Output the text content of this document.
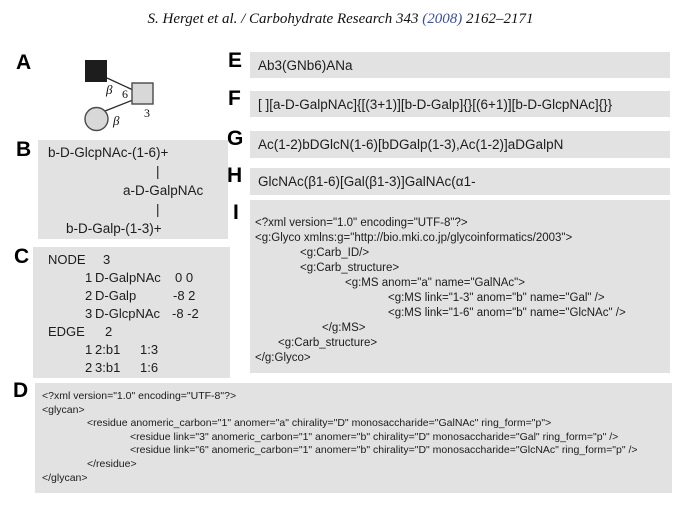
S. Herget et al. / Carbohydrate Research 343 (2008) 2162–2171
A
β 6
3
β
B b-D-GlcpNAc-(1-6)+
|
a-D-GalpNAc
|
b-D-Galp-(1-3)+
C NODE 3
1 D-GalpNAc 0 0
2 D-Galp	-8 2
3 D-GlcpNAc -8 -2
EDGE 2
1 2:b1 1:3
2 3:b1 1:6
D <?xml version="1.0" encoding="UTF-8"?>
<glycan>
<residue anomeric_carbon="1" anomer="a" chirality="D" monosaccharide="GalNAc" ring_form="p">
<residue link="3" anomeric_carbon="1" anomer="b" chirality="D" monosaccharide="Gal" ring_form="p" />
<residue link="6" anomeric_carbon="1" anomer="b" chirality="D" monosaccharide="GlcNAc" ring_form="p" />
</residue>
</glycan>
E Ab3(GNb6)ANa
F [ ][a-D-GalpNAc]{[(3+1)][b-D-Galp]{}[(6+1)][b-D-GlcpNAc]{}}
G Ac(1-2)bDGlcN(1-6)[bDGalp(1-3),Ac(1-2)]aDGalpN
H GlcNAc(β1-6)[Gal(β1-3)]GalNAc(α1-
I <?xml version="1.0" encoding="UTF-8"?>
<g:Glyco xmlns:g="http://bio.mki.co.jp/glycoinformatics/2003">
<g:Carb_ID/>
<g:Carb_structure>
<g:MS anom="a" name="GalNAc">
<g:MS link="1-3" anom="b" name="Gal" />
<g:MS link="1-6" anom="b" name="GlcNAc" />
</g:MS>
<g:Carb_structure>
</g:Glyco>
